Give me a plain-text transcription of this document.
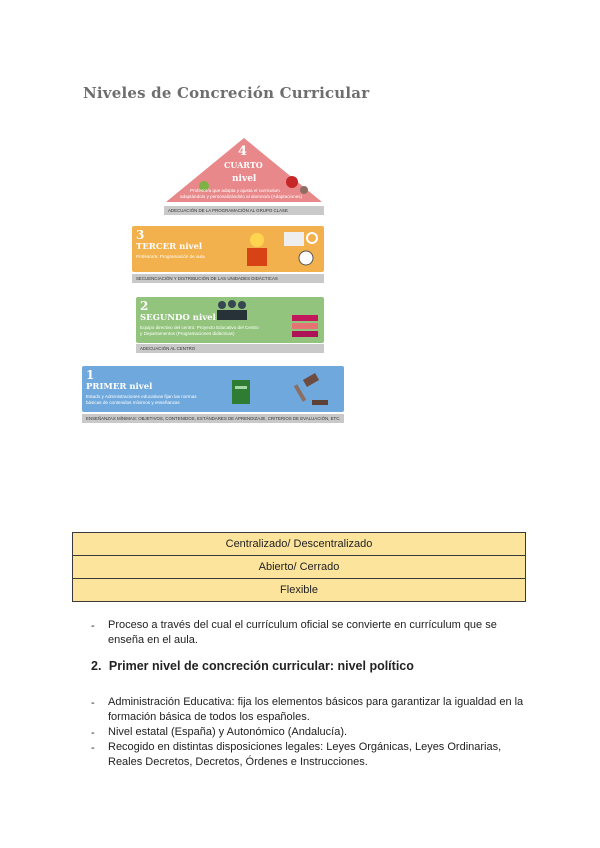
Niveles de Concreción Curricular
4
CUARTO
nivel
Profesor/a que adapta y ajusta el curriculum
adaptándolo y personalizándolo al alumno/a (Adaptaciones)
ADECUACIÓN DE LA PROGRAMACIÓN AL GRUPO CLASE
3
TERCER nivel
Profesor/a: Programación de aula
SECUENCIACIÓN Y DISTRIBUCIÓN DE LAS UNIDADES DIDÁCTICAS
2
SEGUNDO nivel
Equipo directivo del centro: Proyecto Educativo del Centro
y Departamentos (Programaciones didácticas)
ADECUACIÓN AL CENTRO
1
PRIMER nivel
Estado y Administraciones educativas fijan las normas
básicas de contenidos mínimos y enseñanzas
ENSEÑANZAS MÍNIMAS: OBJETIVOS, CONTENIDOS, ESTÁNDARES DE APRENDIZAJE, CRITERIOS DE EVALUACIÓN, ETC.
Centralizado/ Descentralizado
Abierto/ Cerrado
Flexible
- Proceso a través del cual el currículum oficial se convierte en currículum que se
enseña en el aula.
2. Primer nivel de concreción curricular: nivel político
- Administración Educativa: fija los elementos básicos para garantizar la igualdad en la
formación básica de todos los españoles.
- Nivel estatal (España) y Autonómico (Andalucía).
- Recogido en distintas disposiciones legales: Leyes Orgánicas, Leyes Ordinarias,
Reales Decretos, Decretos, Órdenes e Instrucciones.
